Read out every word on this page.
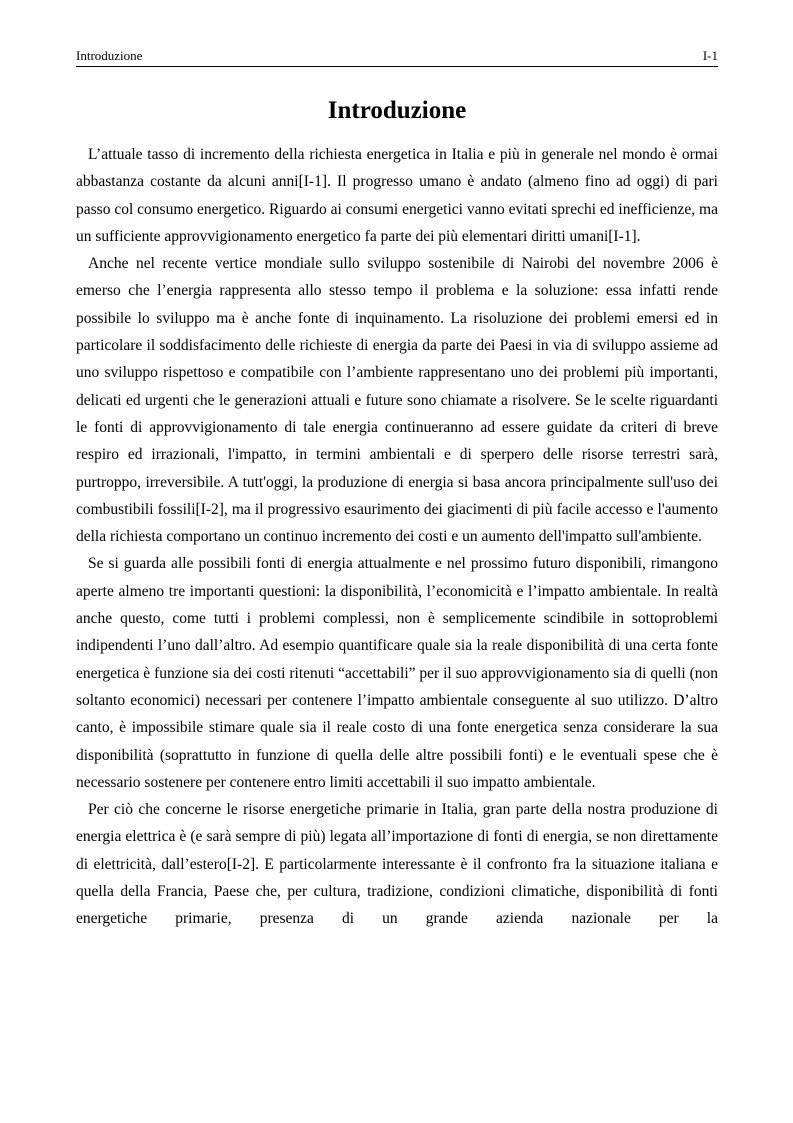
Introduzione	I-1
Introduzione

L’attuale tasso di incremento della richiesta energetica in Italia e più in generale nel mondo è ormai abbastanza costante da alcuni anni[I-1]. Il progresso umano è andato (almeno fino ad oggi) di pari passo col consumo energetico. Riguardo ai consumi energetici vanno evitati sprechi ed inefficienze, ma un sufficiente approvvigionamento energetico fa parte dei più elementari diritti umani[I-1].

Anche nel recente vertice mondiale sullo sviluppo sostenibile di Nairobi del novembre 2006 è emerso che l’energia rappresenta allo stesso tempo il problema e la soluzione: essa infatti rende possibile lo sviluppo ma è anche fonte di inquinamento. La risoluzione dei problemi emersi ed in particolare il soddisfacimento delle richieste di energia da parte dei Paesi in via di sviluppo assieme ad uno sviluppo rispettoso e compatibile con l’ambiente rappresentano uno dei problemi più importanti, delicati ed urgenti che le generazioni attuali e future sono chiamate a risolvere. Se le scelte riguardanti le fonti di approvvigionamento di tale energia continueranno ad essere guidate da criteri di breve respiro ed irrazionali, l'impatto, in termini ambientali e di sperpero delle risorse terrestri sarà, purtroppo, irreversibile. A tutt'oggi, la produzione di energia si basa ancora principalmente sull'uso dei combustibili fossili[I-2], ma il progressivo esaurimento dei giacimenti di più facile accesso e l'aumento della richiesta comportano un continuo incremento dei costi e un aumento dell'impatto sull'ambiente.

Se si guarda alle possibili fonti di energia attualmente e nel prossimo futuro disponibili, rimangono aperte almeno tre importanti questioni: la disponibilità, l’economicità e l’impatto ambientale. In realtà anche questo, come tutti i problemi complessi, non è semplicemente scindibile in sottoproblemi indipendenti l’uno dall’altro. Ad esempio quantificare quale sia la reale disponibilità di una certa fonte energetica è funzione sia dei costi ritenuti “accettabili” per il suo approvvigionamento sia di quelli (non soltanto economici) necessari per contenere l’impatto ambientale conseguente al suo utilizzo. D’altro canto, è impossibile stimare quale sia il reale costo di una fonte energetica senza considerare la sua disponibilità (soprattutto in funzione di quella delle altre possibili fonti) e le eventuali spese che è necessario sostenere per contenere entro limiti accettabili il suo impatto ambientale.

Per ciò che concerne le risorse energetiche primarie in Italia, gran parte della nostra produzione di energia elettrica è (e sarà sempre di più) legata all’importazione di fonti di energia, se non direttamente di elettricità, dall’estero[I-2]. E particolarmente interessante è il confronto fra la situazione italiana e quella della Francia, Paese che, per cultura, tradizione, condizioni climatiche, disponibilità di fonti energetiche primarie, presenza di un grande azienda nazionale per la
